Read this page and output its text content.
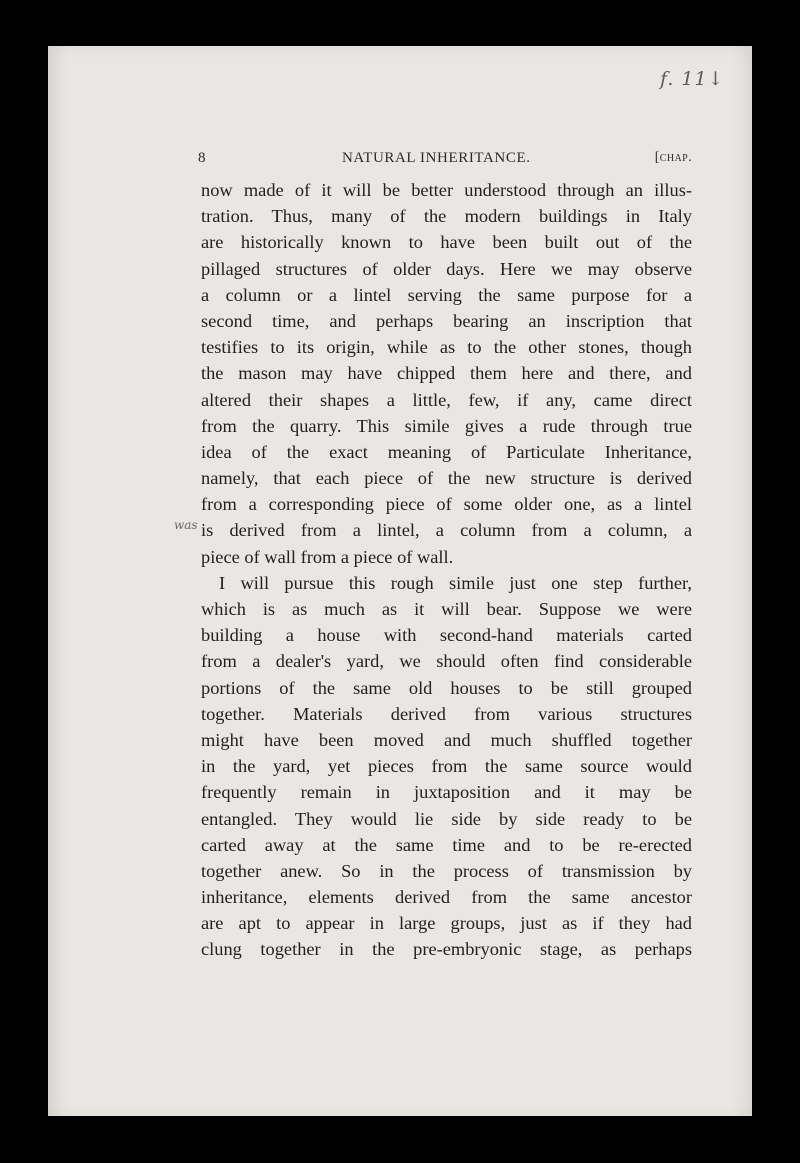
f. 11↓
8	NATURAL INHERITANCE.	[chap.
was
now made of it will be better understood through an illus-
tration. Thus, many of the modern buildings in Italy
are historically known to have been built out of the
pillaged structures of older days. Here we may observe
a column or a lintel serving the same purpose for a
second time, and perhaps bearing an inscription that
testifies to its origin, while as to the other stones, though
the mason may have chipped them here and there, and
altered their shapes a little, few, if any, came direct
from the quarry. This simile gives a rude through true
idea of the exact meaning of Particulate Inheritance,
namely, that each piece of the new structure is derived
from a corresponding piece of some older one, as a lintel
is derived from a lintel, a column from a column, a
piece of wall from a piece of wall.
I will pursue this rough simile just one step further,
which is as much as it will bear. Suppose we were
building a house with second-hand materials carted
from a dealer's yard, we should often find considerable
portions of the same old houses to be still grouped
together. Materials derived from various structures
might have been moved and much shuffled together
in the yard, yet pieces from the same source would
frequently remain in juxtaposition and it may be
entangled. They would lie side by side ready to be
carted away at the same time and to be re-erected
together anew. So in the process of transmission by
inheritance, elements derived from the same ancestor
are apt to appear in large groups, just as if they had
clung together in the pre-embryonic stage, as perhaps
